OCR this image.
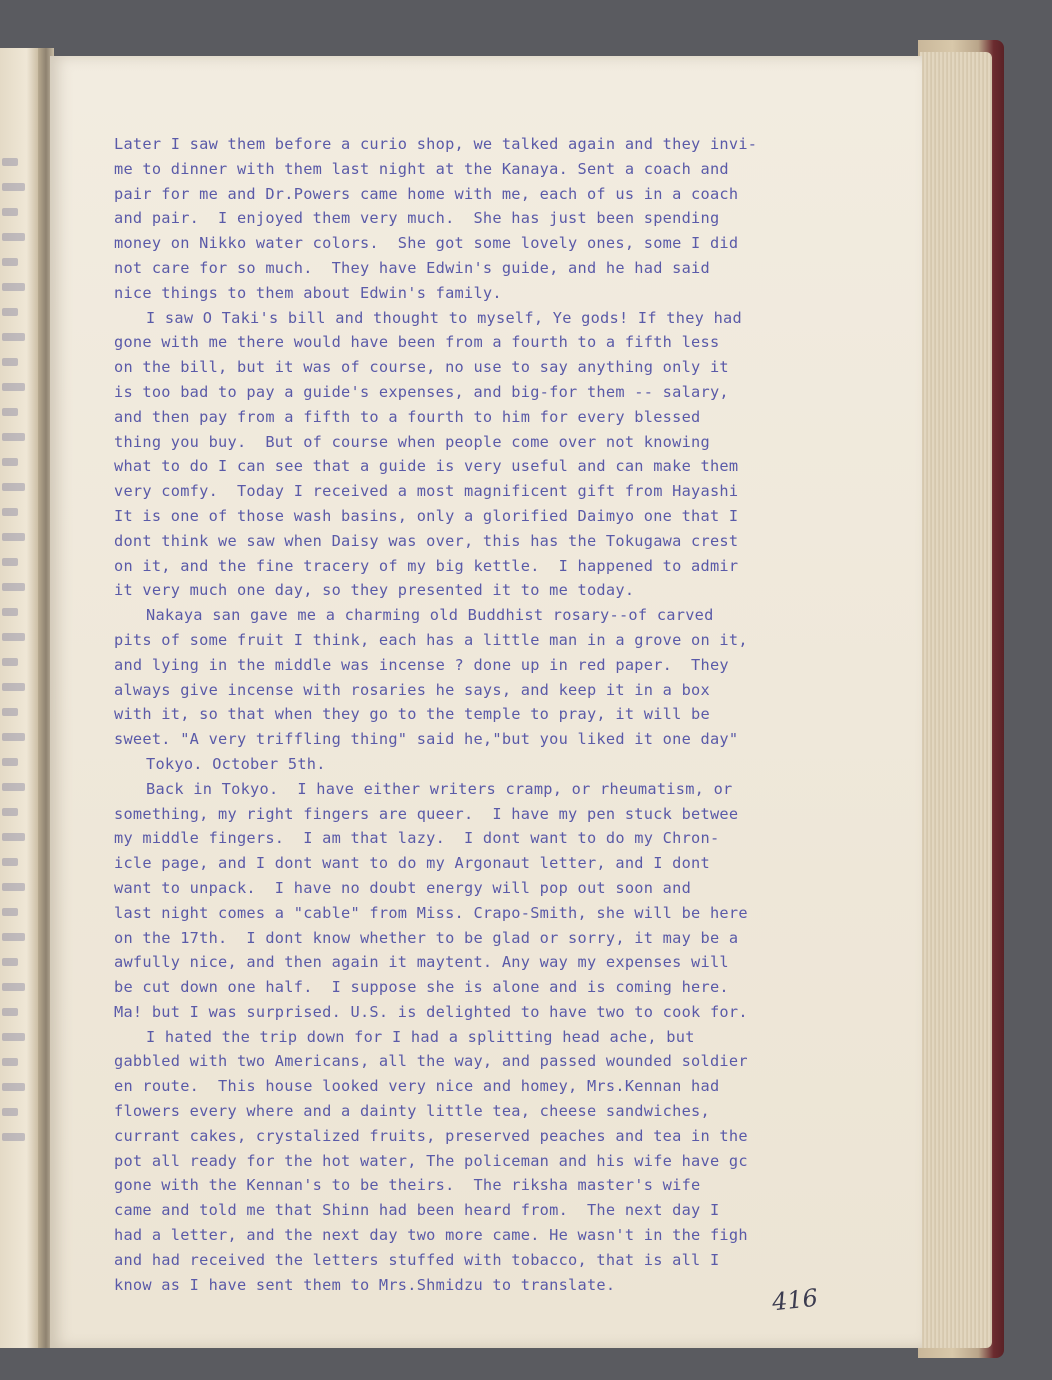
Later I saw them before a curio shop, we talked again and they invi-
me to dinner with them last night at the Kanaya. Sent a coach and
pair for me and Dr.Powers came home with me, each of us in a coach
and pair.  I enjoyed them very much.  She has just been spending
money on Nikko water colors.  She got some lovely ones, some I did
not care for so much.  They have Edwin's guide, and he had said
nice things to them about Edwin's family.
I saw O Taki's bill and thought to myself, Ye gods! If they had
gone with me there would have been from a fourth to a fifth less
on the bill, but it was of course, no use to say anything only it
is too bad to pay a guide's expenses, and big-for them -- salary,
and then pay from a fifth to a fourth to him for every blessed
thing you buy.  But of course when people come over not knowing
what to do I can see that a guide is very useful and can make them
very comfy.  Today I received a most magnificent gift from Hayashi
It is one of those wash basins, only a glorified Daimyo one that I
dont think we saw when Daisy was over, this has the Tokugawa crest
on it, and the fine tracery of my big kettle.  I happened to admir
it very much one day, so they presented it to me today.
Nakaya san gave me a charming old Buddhist rosary--of carved
pits of some fruit I think, each has a little man in a grove on it,
and lying in the middle was incense ? done up in red paper.  They
always give incense with rosaries he says, and keep it in a box
with it, so that when they go to the temple to pray, it will be
sweet. "A very triffling thing" said he,"but you liked it one day"
Tokyo. October 5th.
Back in Tokyo.  I have either writers cramp, or rheumatism, or
something, my right fingers are queer.  I have my pen stuck betwee
my middle fingers.  I am that lazy.  I dont want to do my Chron-
icle page, and I dont want to do my Argonaut letter, and I dont
want to unpack.  I have no doubt energy will pop out soon and
last night comes a "cable" from Miss. Crapo-Smith, she will be here
on the 17th.  I dont know whether to be glad or sorry, it may be a
awfully nice, and then again it maytent. Any way my expenses will
be cut down one half.  I suppose she is alone and is coming here.
Ma! but I was surprised. U.S. is delighted to have two to cook for.
I hated the trip down for I had a splitting head ache, but
gabbled with two Americans, all the way, and passed wounded soldier
en route.  This house looked very nice and homey, Mrs.Kennan had
flowers every where and a dainty little tea, cheese sandwiches,
currant cakes, crystalized fruits, preserved peaches and tea in the
pot all ready for the hot water, The policeman and his wife have gc
gone with the Kennan's to be theirs.  The riksha master's wife
came and told me that Shinn had been heard from.  The next day I
had a letter, and the next day two more came. He wasn't in the figh
and had received the letters stuffed with tobacco, that is all I
know as I have sent them to Mrs.Shmidzu to translate.	416
